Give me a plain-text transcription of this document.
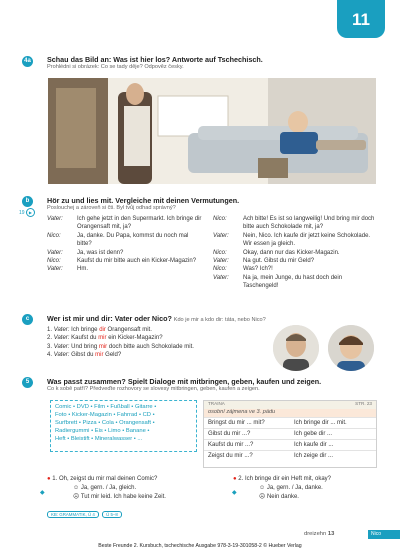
11
4a Schau das Bild an: Was ist hier los? Antworte auf Tschechisch.
Prohlédni si obrázek: Co se tady děje? Odpověz česky.
b
19 ▶
Hör zu und lies mit. Vergleiche mit deinen Vermutungen.
Poslouchej a zároveň si čti. Byl tvůj odhad správný?
Vater:	Ich gehe jetzt in den Supermarkt. Ich bringe dir Orangensaft mit, ja?
Nico:	Ja, danke. Du Papa, kommst du noch mal bitte?
Vater:	Ja, was ist denn?
Nico:	Kaufst du mir bitte auch ein Kicker-Magazin?
Vater:	Hm.
Nico:	Ach bitte! Es ist so langweilig! Und bring mir doch bitte auch Schokolade mit, ja?
Vater:	Nein, Nico. Ich kaufe dir jetzt keine Schokolade. Wir essen ja gleich.
Nico:	Okay, dann nur das Kicker-Magazin.
Vater:	Na gut. Gibst du mir Geld?
Nico:	Was? Ich?!
Vater:	Na ja, mein Junge, du hast doch dein Taschengeld!
c	Wer ist mir und dir: Vater oder Nico? Kdo je mir a kdo dir: táta, nebo Nico?
1. Vater: Ich bringe dir Orangensaft mit.
2. Vater: Kaufst du mir ein Kicker-Magazin?
3. Vater: Und bring mir doch bitte auch Schokolade mit.
4. Vater: Gibst du mir Geld?
5	Was passt zusammen? Spielt Dialoge mit mitbringen, geben, kaufen und zeigen.
Co k sobě patří? Předveďte rozhovory se slovesy mitbringen, geben, kaufen a zeigen.
Comic • DVD • Film • Fußball • Gitarre •
Foto • Kicker-Magazin • Fahrrad • CD •
Surfbrett • Pizza • Cola • Orangensaft •
Radiergummi • Eis • Limo • Banane •
Heft • Bleistift • Mineralwasser • ...
TRAINA	STR. 23
osobní zájmena ve 3. pádu
Bringst du mir ... mit?	Ich bringe dir ... mit.
Gibst du mir ...?	Ich gebe dir ...
Kaufst du mir ...?	Ich kaufe dir ...
Zeigst du mir ...?	Ich zeige dir ...
● 1. Oh, zeigst du mir mal deinen Comic?
☺ Ja, gern. / Ja, gleich.
☹ Tut mir leid. Ich habe keine Zeit.
◆
● 2. Ich bringe dir ein Heft mit, okay?
☺ Ja, gern. / Ja, danke.
☹ Nein danke.
◆
KB: GRAMMATIK, Ü 4	Ü 5–8
dreizehn 13	Nico
Beste Freunde 2. Kursbuch, tschechische Ausgabe 978-3-19-301058-2 © Hueber Verlag
